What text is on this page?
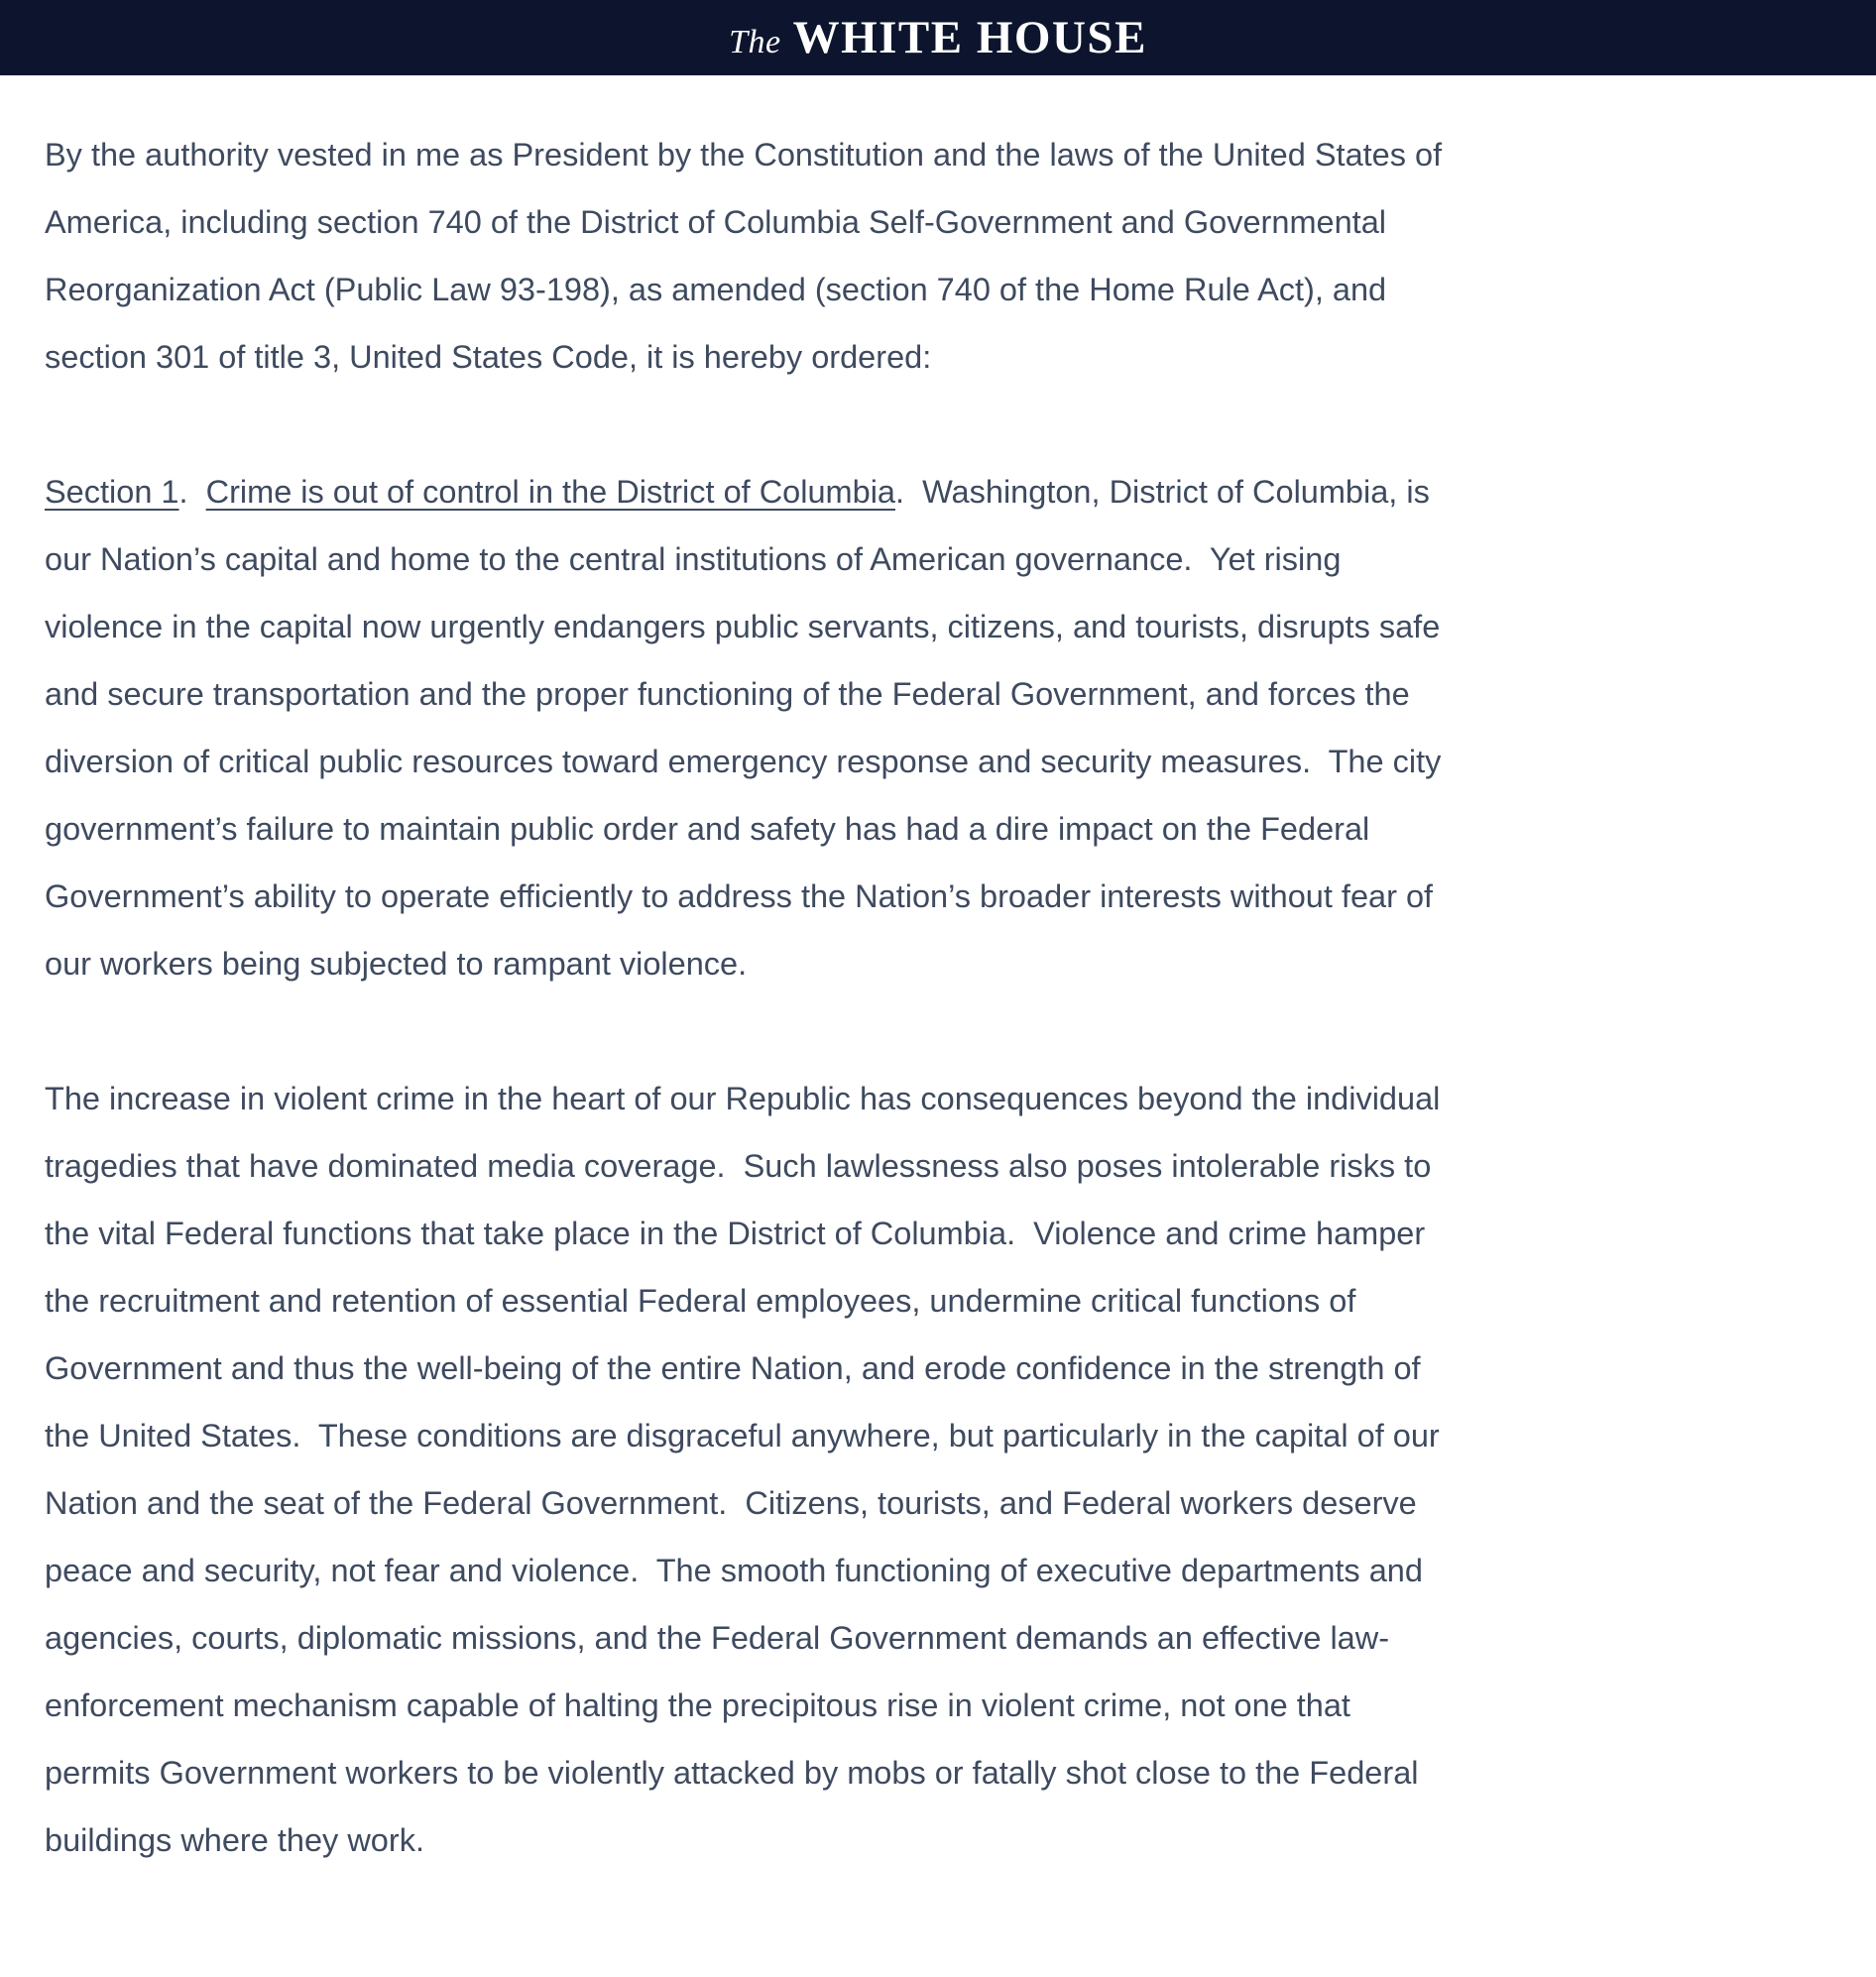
The WHITE HOUSE

By the authority vested in me as President by the Constitution and the laws of the United States of America, including section 740 of the District of Columbia Self-Government and Governmental Reorganization Act (Public Law 93-198), as amended (section 740 of the Home Rule Act), and section 301 of title 3, United States Code, it is hereby ordered:

Section 1.  Crime is out of control in the District of Columbia.  Washington, District of Columbia, is our Nation’s capital and home to the central institutions of American governance.  Yet rising violence in the capital now urgently endangers public servants, citizens, and tourists, disrupts safe and secure transportation and the proper functioning of the Federal Government, and forces the diversion of critical public resources toward emergency response and security measures.  The city government’s failure to maintain public order and safety has had a dire impact on the Federal Government’s ability to operate efficiently to address the Nation’s broader interests without fear of our workers being subjected to rampant violence.

The increase in violent crime in the heart of our Republic has consequences beyond the individual tragedies that have dominated media coverage.  Such lawlessness also poses intolerable risks to the vital Federal functions that take place in the District of Columbia.  Violence and crime hamper the recruitment and retention of essential Federal employees, undermine critical functions of Government and thus the well-being of the entire Nation, and erode confidence in the strength of the United States.  These conditions are disgraceful anywhere, but particularly in the capital of our Nation and the seat of the Federal Government.  Citizens, tourists, and Federal workers deserve peace and security, not fear and violence.  The smooth functioning of executive departments and agencies, courts, diplomatic missions, and the Federal Government demands an effective law-enforcement mechanism capable of halting the precipitous rise in violent crime, not one that permits Government workers to be violently attacked by mobs or fatally shot close to the Federal buildings where they work.
